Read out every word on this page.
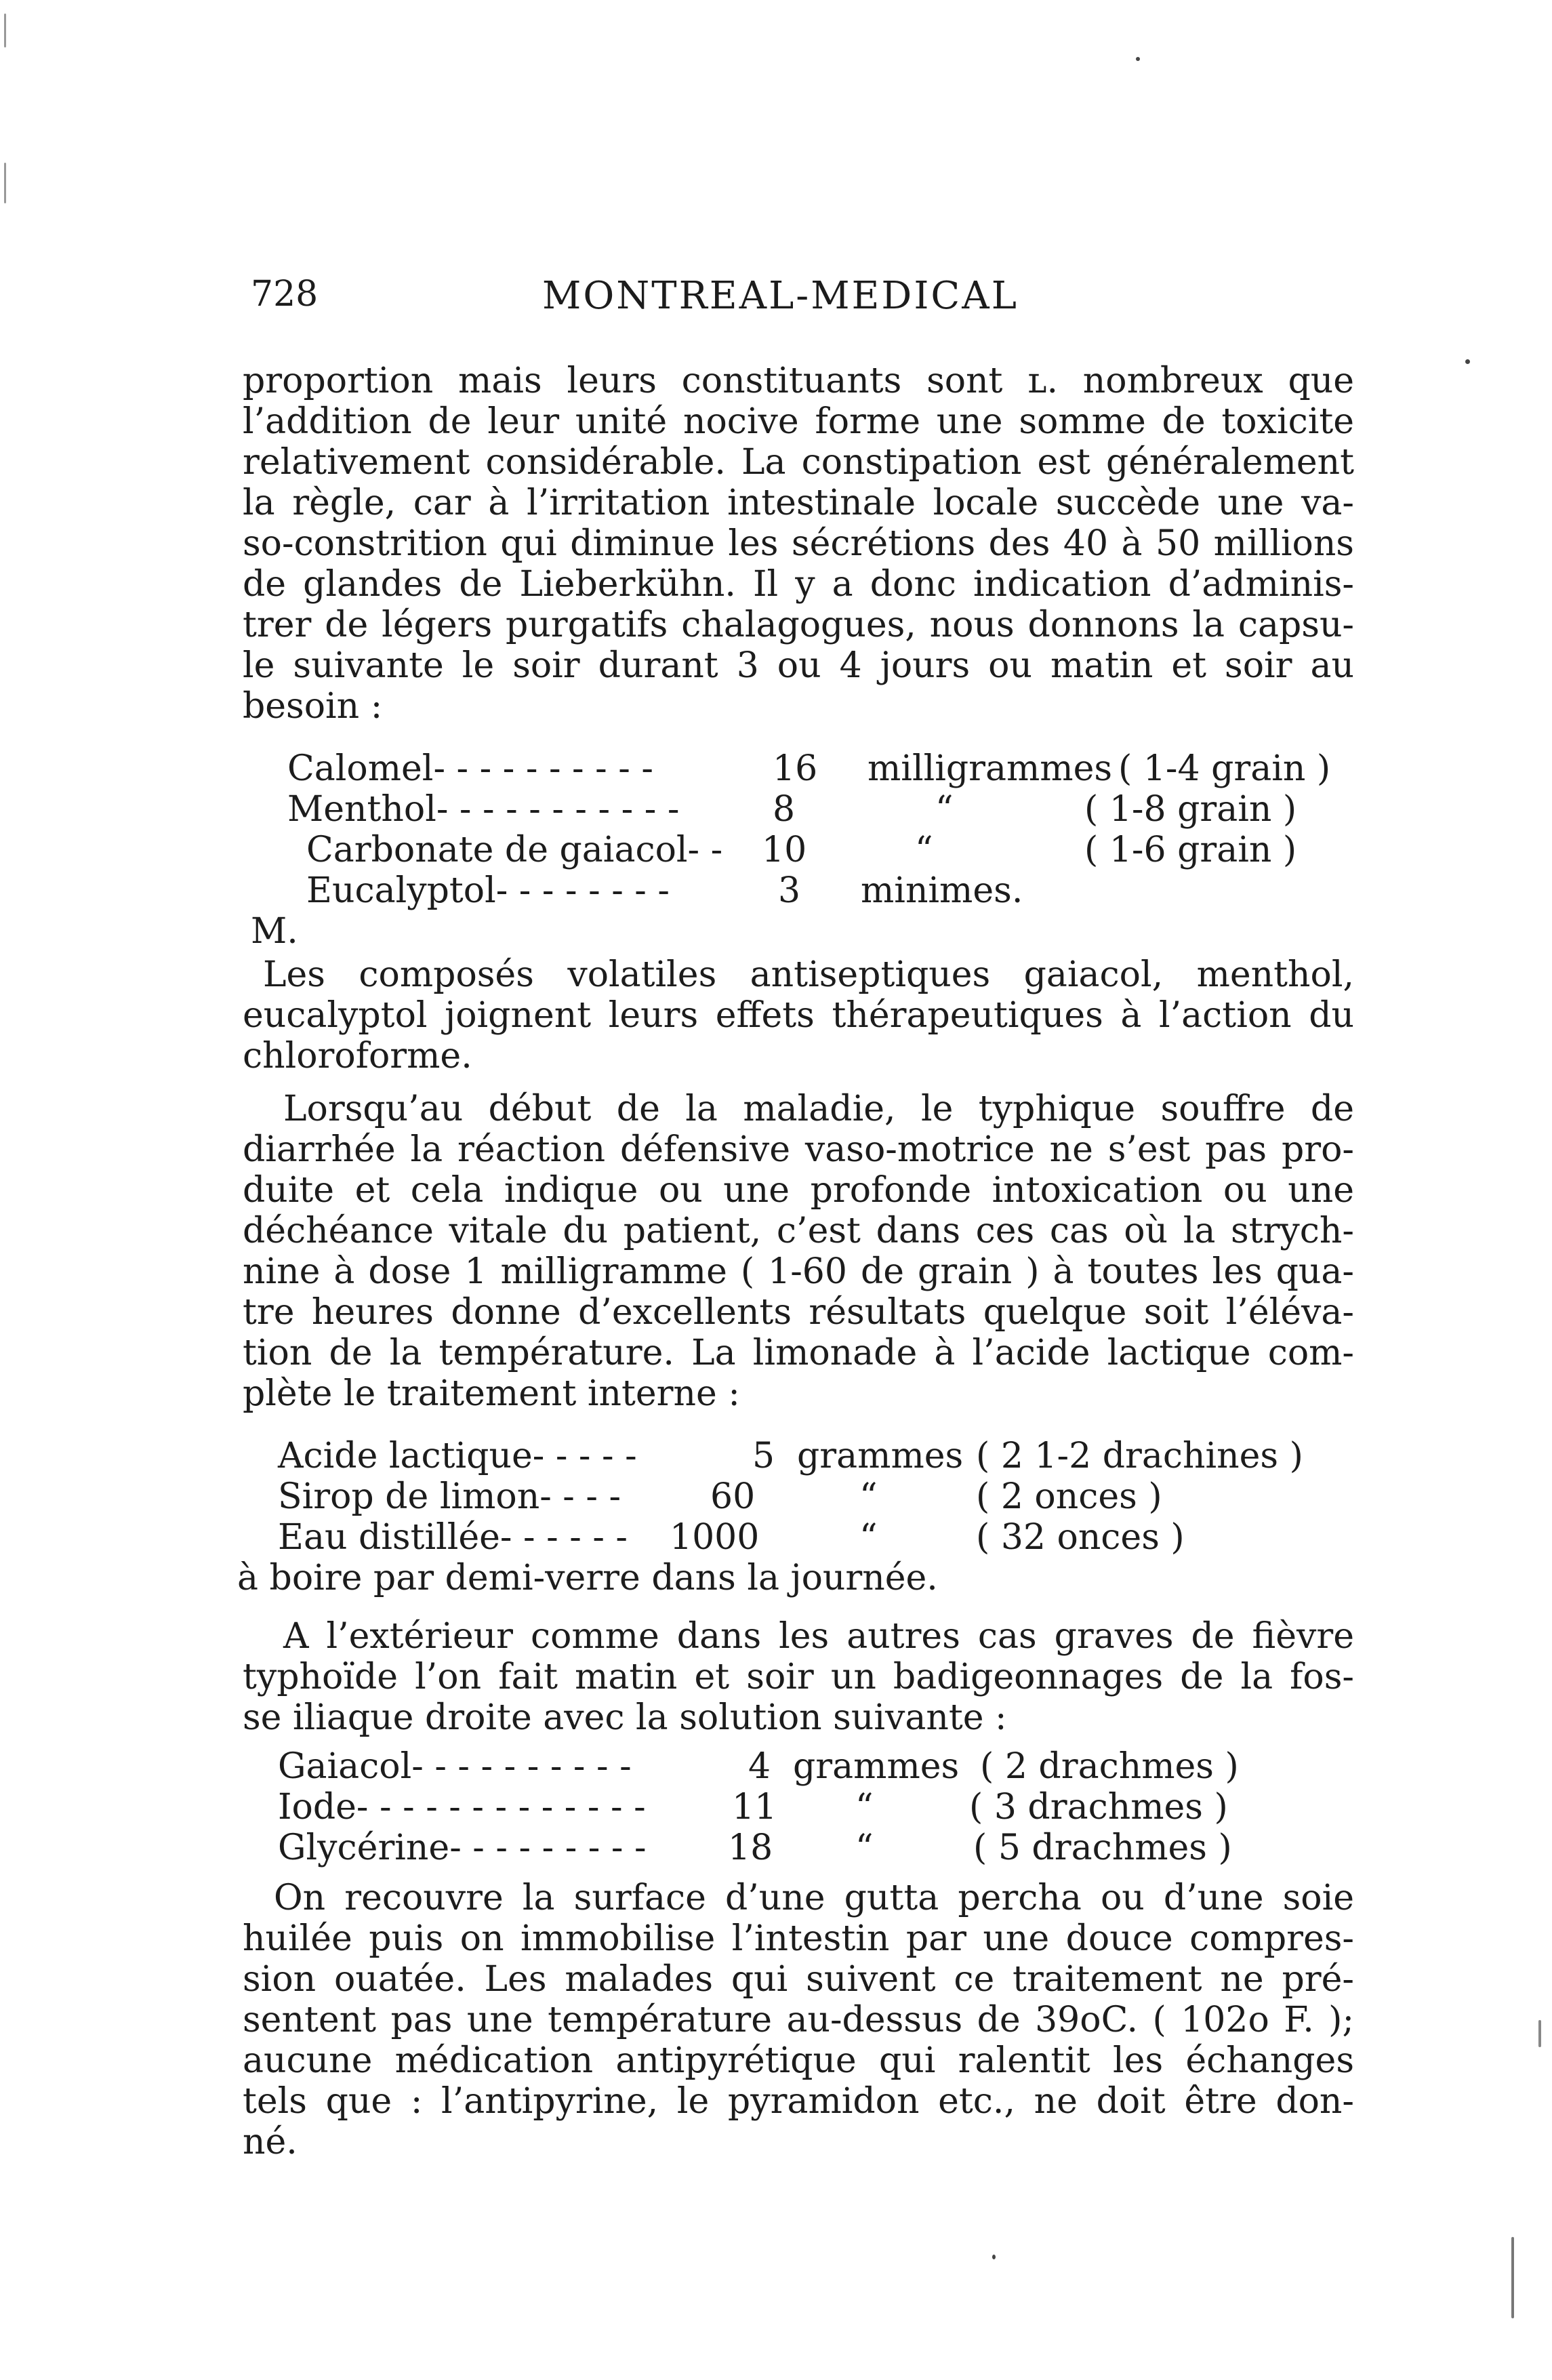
728	MONTREAL-MEDICAL

proportion mais leurs constituants sont ʟ. nombreux que

l’addition de leur unité nocive forme une somme de toxicite

relativement considérable. La constipation est généralement

la règle, car à l’irritation intestinale locale succède une va-

so-constrition qui diminue les sécrétions des 40 à 50 millions

de glandes de Lieberkühn. Il y a donc indication d’adminis-

trer de légers purgatifs chalagogues, nous donnons la capsu-

le suivante le soir durant 3 ou 4 jours ou matin et soir au

besoin :

Calomel- - - - - - - - - -	16 milligrammes ( 1-4 grain )
Menthol- - - - - - - - - - -	8	“	( 1-8 grain )
Carbonate de gaiacol- - 10	“	( 1-6 grain )
Eucalyptol- - - - - - - -	3 minimes.
M.

Les composés volatiles antiseptiques gaiacol, menthol,

eucalyptol joignent leurs effets thérapeutiques à l’action du

chloroforme.

Lorsqu’au début de la maladie, le typhique souffre de

diarrhée la réaction défensive vaso-motrice ne s’est pas pro-

duite et cela indique ou une profonde intoxication ou une

déchéance vitale du patient, c’est dans ces cas où la strych-

nine à dose 1 milligramme ( 1-60 de grain ) à toutes les qua-

tre heures donne d’excellents résultats quelque soit l’éléva-

tion de la température. La limonade à l’acide lactique com-

plète le traitement interne :

Acide lactique- - - - -	5 grammes ( 2 1-2 drachines )
Sirop de limon- - - -	60	“	( 2 onces )
Eau distillée- - - - - - 1000	“	( 32 onces )
à boire par demi-verre dans la journée.

A l’extérieur comme dans les autres cas graves de fièvre

typhoïde l’on fait matin et soir un badigeonnages de la fos-

se iliaque droite avec la solution suivante :

Gaiacol- - - - - - - - - -	4 grammes ( 2 drachmes )
Iode- - - - - - - - - - - - - 11 “	( 3 drachmes )
Glycérine- - - - - - - - - 18 “	( 5 drachmes )

On recouvre la surface d’une gutta percha ou d’une soie

huilée puis on immobilise l’intestin par une douce compres-

sion ouatée. Les malades qui suivent ce traitement ne pré-

sentent pas une température au-dessus de 39oC. ( 102o F. );

aucune médication antipyrétique qui ralentit les échanges

tels que : l’antipyrine, le pyramidon etc., ne doit être don-

né.
